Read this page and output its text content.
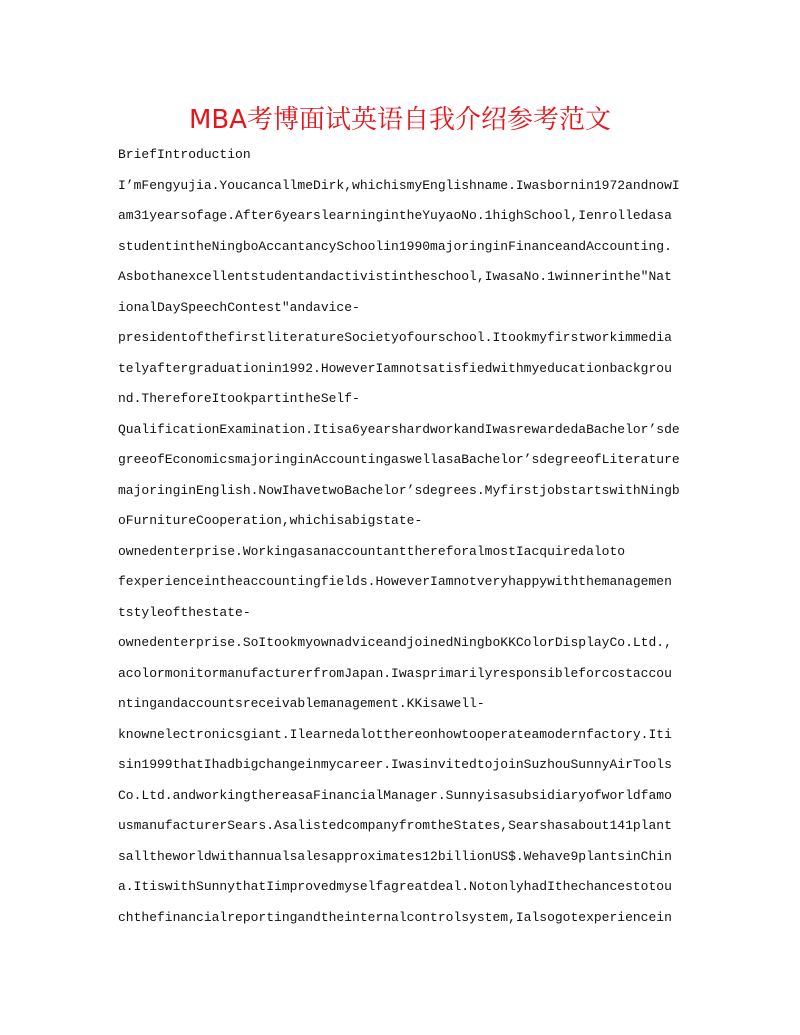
MBA考博面试英语自我介绍参考范文
BriefIntroduction
I’mFengyujia.YoucancallmeDirk,whichismyEnglishname.Iwasbornin1972andnowI
am31yearsofage.After6yearslearningintheYuyaoNo.1highSchool,Ienrolledasa
studentintheNingboAccantancySchoolin1990majoringinFinanceandAccounting.
Asbothanexcellentstudentandactivistintheschool,IwasaNo.1winnerinthe″Nat
ionalDaySpeechContest″andavice-
presidentofthefirstliteratureSocietyofourschool.Itookmyfirstworkimmedia
telyaftergraduationin1992.HoweverIamnotsatisfiedwithmyeducationbackgrou
nd.ThereforeItookpartintheSelf-
QualificationExamination.Itisa6yearshardworkandIwasrewardedaBachelor’sde
greeofEconomicsmajoringinAccountingaswellasaBachelor’sdegreeofLiterature
majoringinEnglish.NowIhavetwoBachelor’sdegrees.MyfirstjobstartswithNingb
oFurnitureCooperation,whichisabigstate-
ownedenterprise.WorkingasanaccountantthereforalmostIacquiredaloto
fexperienceintheaccountingfields.HoweverIamnotveryhappywiththemanagemen
tstyleofthestate-
ownedenterprise.SoItookmyownadviceandjoinedNingboKKColorDisplayCo.Ltd.,
acolormonitormanufacturerfromJapan.Iwasprimarilyresponsibleforcostaccou
ntingandaccountsreceivablemanagement.KKisawell-
knownelectronicsgiant.Ilearnedalotthereonhowtooperateamodernfactory.Iti
sin1999thatIhadbigchangeinmycareer.IwasinvitedtojoinSuzhouSunnyAirTools
Co.Ltd.andworkingthereasaFinancialManager.Sunnyisasubsidiaryofworldfamo
usmanufacturerSears.AsalistedcompanyfromtheStates,Searshasabout141plant
salltheworldwithannualsalesapproximates12billionUS$.Wehave9plantsinChin
a.ItiswithSunnythatIimprovedmyselfagreatdeal.NotonlyhadIthechancestotou
chthefinancialreportingandtheinternalcontrolsystem,Ialsogotexperiencein
